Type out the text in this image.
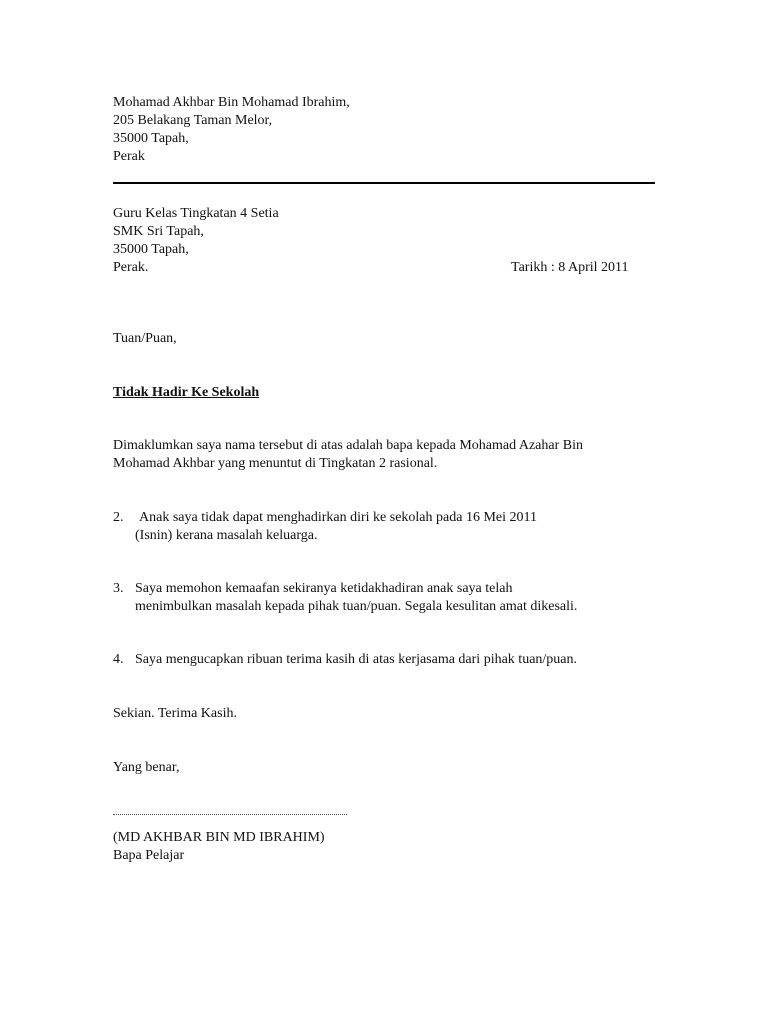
Mohamad Akhbar Bin Mohamad Ibrahim,
205 Belakang Taman Melor,
35000 Tapah,
Perak
Guru Kelas Tingkatan 4 Setia
SMK Sri Tapah,
35000 Tapah,
Perak.	Tarikh : 8 April 2011
Tuan/Puan,
Tidak Hadir Ke Sekolah
Dimaklumkan saya nama tersebut di atas adalah bapa kepada Mohamad Azahar Bin
Mohamad Akhbar yang menuntut di Tingkatan 2 rasional.
2. Anak saya tidak dapat menghadirkan diri ke sekolah pada 16 Mei 2011
(Isnin) kerana masalah keluarga.
3. Saya memohon kemaafan sekiranya ketidakhadiran anak saya telah
menimbulkan masalah kepada pihak tuan/puan. Segala kesulitan amat dikesali.
4. Saya mengucapkan ribuan terima kasih di atas kerjasama dari pihak tuan/puan.
Sekian. Terima Kasih.
Yang benar,
(MD AKHBAR BIN MD IBRAHIM)
Bapa Pelajar
